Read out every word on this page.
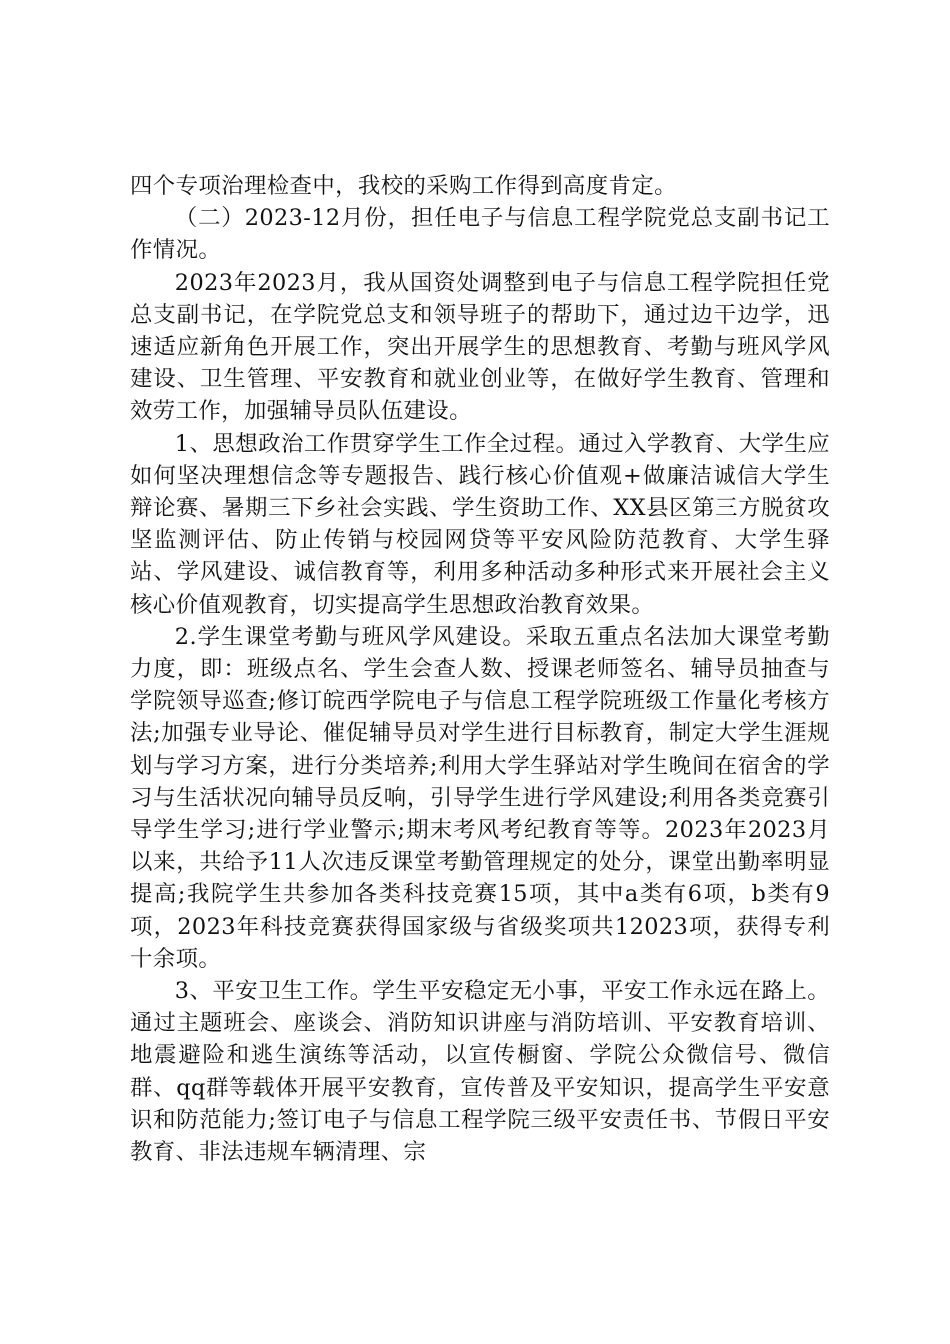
四个专项治理检查中，我校的采购工作得到高度肯定。

（二）2023-12月份，担任电子与信息工程学院党总支副书记工作情况。

2023年2023月，我从国资处调整到电子与信息工程学院担任党总支副书记，在学院党总支和领导班子的帮助下，通过边干边学，迅速适应新角色开展工作，突出开展学生的思想教育、考勤与班风学风建设、卫生管理、平安教育和就业创业等，在做好学生教育、管理和效劳工作，加强辅导员队伍建设。

1、思想政治工作贯穿学生工作全过程。通过入学教育、大学生应如何坚决理想信念等专题报告、践行核心价值观+做廉洁诚信大学生辩论赛、暑期三下乡社会实践、学生资助工作、XX县区第三方脱贫攻坚监测评估、防止传销与校园网贷等平安风险防范教育、大学生驿站、学风建设、诚信教育等，利用多种活动多种形式来开展社会主义核心价值观教育，切实提高学生思想政治教育效果。

2.学生课堂考勤与班风学风建设。采取五重点名法加大课堂考勤力度，即：班级点名、学生会查人数、授课老师签名、辅导员抽查与学院领导巡查;修订皖西学院电子与信息工程学院班级工作量化考核方法;加强专业导论、催促辅导员对学生进行目标教育，制定大学生涯规划与学习方案，进行分类培养;利用大学生驿站对学生晚间在宿舍的学习与生活状况向辅导员反响，引导学生进行学风建设;利用各类竞赛引导学生学习;进行学业警示;期末考风考纪教育等等。2023年2023月以来，共给予11人次违反课堂考勤管理规定的处分，课堂出勤率明显提高;我院学生共参加各类科技竞赛15项，其中a类有6项，b类有9项，2023年科技竞赛获得国家级与省级奖项共12023项，获得专利十余项。

3、平安卫生工作。学生平安稳定无小事，平安工作永远在路上。通过主题班会、座谈会、消防知识讲座与消防培训、平安教育培训、地震避险和逃生演练等活动，以宣传橱窗、学院公众微信号、微信群、qq群等载体开展平安教育，宣传普及平安知识，提高学生平安意识和防范能力;签订电子与信息工程学院三级平安责任书、节假日平安教育、非法违规车辆清理、宗
